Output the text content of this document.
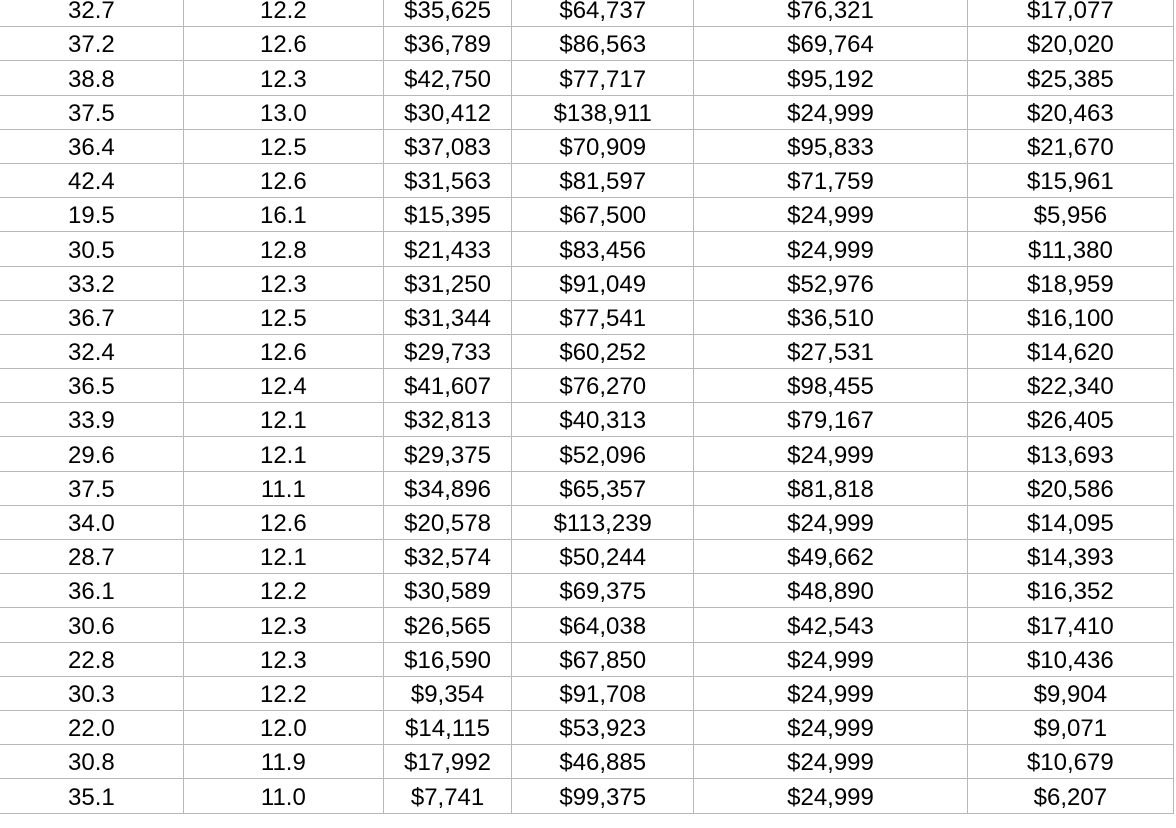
32.7	12.2	$35,625	$64,737	$76,321	$17,077
37.2	12.6	$36,789	$86,563	$69,764	$20,020
38.8	12.3	$42,750	$77,717	$95,192	$25,385
37.5	13.0	$30,412	$138,911	$24,999	$20,463
36.4	12.5	$37,083	$70,909	$95,833	$21,670
42.4	12.6	$31,563	$81,597	$71,759	$15,961
19.5	16.1	$15,395	$67,500	$24,999	$5,956
30.5	12.8	$21,433	$83,456	$24,999	$11,380
33.2	12.3	$31,250	$91,049	$52,976	$18,959
36.7	12.5	$31,344	$77,541	$36,510	$16,100
32.4	12.6	$29,733	$60,252	$27,531	$14,620
36.5	12.4	$41,607	$76,270	$98,455	$22,340
33.9	12.1	$32,813	$40,313	$79,167	$26,405
29.6	12.1	$29,375	$52,096	$24,999	$13,693
37.5	11.1	$34,896	$65,357	$81,818	$20,586
34.0	12.6	$20,578	$113,239	$24,999	$14,095
28.7	12.1	$32,574	$50,244	$49,662	$14,393
36.1	12.2	$30,589	$69,375	$48,890	$16,352
30.6	12.3	$26,565	$64,038	$42,543	$17,410
22.8	12.3	$16,590	$67,850	$24,999	$10,436
30.3	12.2	$9,354	$91,708	$24,999	$9,904
22.0	12.0	$14,115	$53,923	$24,999	$9,071
30.8	11.9	$17,992	$46,885	$24,999	$10,679
35.1	11.0	$7,741	$99,375	$24,999	$6,207
